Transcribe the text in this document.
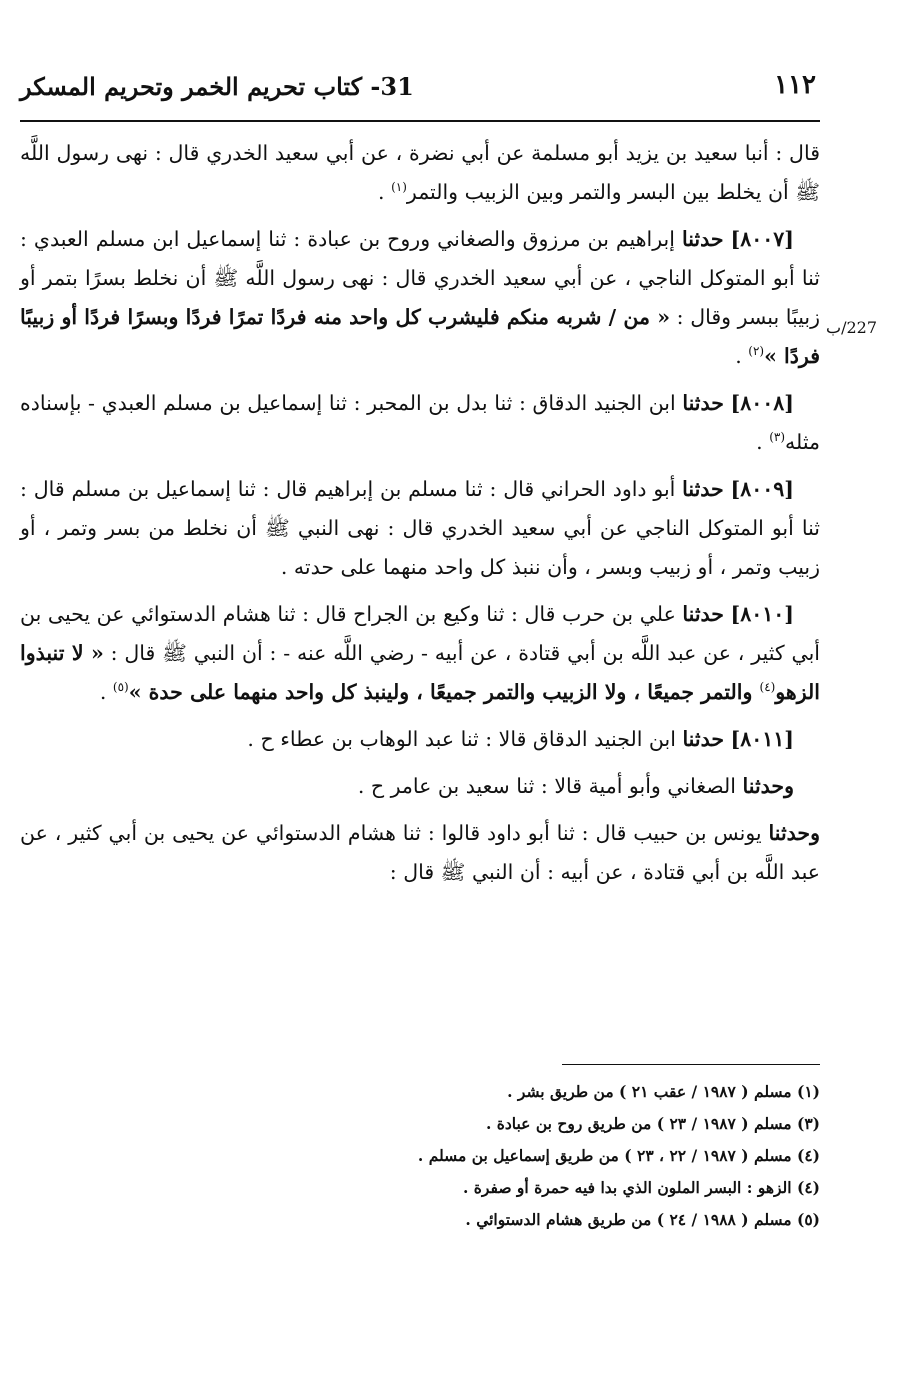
31- كتاب تحريم الخمر وتحريم المسكر	١١٢
227/ب

قال : أنبا سعيد بن يزيد أبو مسلمة عن أبي نضرة ، عن أبي سعيد الخدري قال : نهى رسول اللَّه ﷺ أن يخلط بين البسر والتمر وبين الزبيب والتمر$^{(١)}$ .

[٨٠٠٧] حدثنا إبراهيم بن مرزوق والصغاني وروح بن عبادة : ثنا إسماعيل ابن مسلم العبدي : ثنا أبو المتوكل الناجي ، عن أبي سعيد الخدري قال : نهى رسول اللَّه ﷺ أن نخلط بسرًا بتمر أو زبيبًا ببسر وقال : « من / شربه منكم فليشرب كل واحد منه فردًا تمرًا فردًا وبسرًا فردًا أو زبيبًا فردًا »$^{(٢)}$ .

[٨٠٠٨] حدثنا ابن الجنيد الدقاق : ثنا بدل بن المحبر : ثنا إسماعيل بن مسلم العبدي - بإسناده مثله$^{(٣)}$ .

[٨٠٠٩] حدثنا أبو داود الحراني قال : ثنا مسلم بن إبراهيم قال : ثنا إسماعيل بن مسلم قال : ثنا أبو المتوكل الناجي عن أبي سعيد الخدري قال : نهى النبي ﷺ أن نخلط من بسر وتمر ، أو زبيب وتمر ، أو زبيب وبسر ، وأن ننبذ كل واحد منهما على حدته .

[٨٠١٠] حدثنا علي بن حرب قال : ثنا وكيع بن الجراح قال : ثنا هشام الدستوائي عن يحيى بن أبي كثير ، عن عبد اللَّه بن أبي قتادة ، عن أبيه - رضي اللَّه عنه - : أن النبي ﷺ قال : « لا تنبذوا الزهو$^{(٤)}$ والتمر جميعًا ، ولا الزبيب والتمر جميعًا ، ولينبذ كل واحد منهما على حدة »$^{(٥)}$ .

[٨٠١١] حدثنا ابن الجنيد الدقاق قالا : ثنا عبد الوهاب بن عطاء ح .

وحدثنا الصغاني وأبو أمية قالا : ثنا سعيد بن عامر ح .

وحدثنا يونس بن حبيب قال : ثنا أبو داود قالوا : ثنا هشام الدستوائي عن يحيى بن أبي كثير ، عن عبد اللَّه بن أبي قتادة ، عن أبيه : أن النبي ﷺ قال :

(١) مسلم ( ١٩٨٧ / عقب ٢١ ) من طريق بشر .
(٣) مسلم ( ١٩٨٧ / ٢٣ ) من طريق روح بن عبادة .
(٤) مسلم ( ١٩٨٧ / ٢٢ ، ٢٣ ) من طريق إسماعيل بن مسلم .
(٤) الزهو : البسر الملون الذي بدا فيه حمرة أو صفرة .
(٥) مسلم ( ١٩٨٨ / ٢٤ ) من طريق هشام الدستوائي .
